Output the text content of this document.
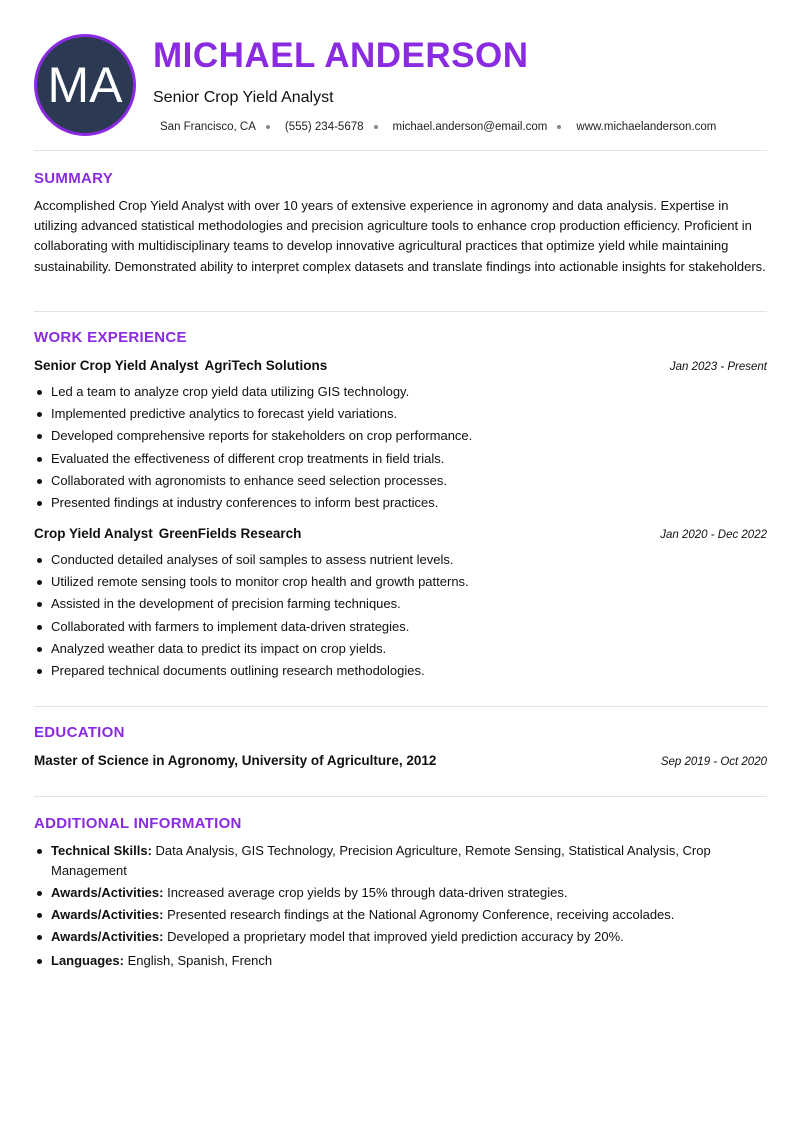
MA
MICHAEL ANDERSON
Senior Crop Yield Analyst
San Francisco, CA	(555) 234-5678	michael.anderson@email.com	www.michaelanderson.com
SUMMARY

Accomplished Crop Yield Analyst with over 10 years of extensive experience in agronomy and data analysis. Expertise in utilizing advanced statistical methodologies and precision agriculture tools to enhance crop production efficiency. Proficient in collaborating with multidisciplinary teams to develop innovative agricultural practices that optimize yield while maintaining sustainability. Demonstrated ability to interpret complex datasets and translate findings into actionable insights for stakeholders.

WORK EXPERIENCE
Senior Crop Yield Analyst AgriTech Solutions	Jan 2023 - Present
Led a team to analyze crop yield data utilizing GIS technology.
Implemented predictive analytics to forecast yield variations.
Developed comprehensive reports for stakeholders on crop performance.
Evaluated the effectiveness of different crop treatments in field trials.
Collaborated with agronomists to enhance seed selection processes.
Presented findings at industry conferences to inform best practices.
Crop Yield Analyst GreenFields Research	Jan 2020 - Dec 2022
Conducted detailed analyses of soil samples to assess nutrient levels.
Utilized remote sensing tools to monitor crop health and growth patterns.
Assisted in the development of precision farming techniques.
Collaborated with farmers to implement data-driven strategies.
Analyzed weather data to predict its impact on crop yields.
Prepared technical documents outlining research methodologies.
EDUCATION
Master of Science in Agronomy, University of Agriculture, 2012	Sep 2019 - Oct 2020
ADDITIONAL INFORMATION
Technical Skills: Data Analysis, GIS Technology, Precision Agriculture, Remote Sensing, Statistical Analysis, Crop Management
Awards/Activities: Increased average crop yields by 15% through data-driven strategies.
Awards/Activities: Presented research findings at the National Agronomy Conference, receiving accolades.
Awards/Activities: Developed a proprietary model that improved yield prediction accuracy by 20%.
Languages: English, Spanish, French
